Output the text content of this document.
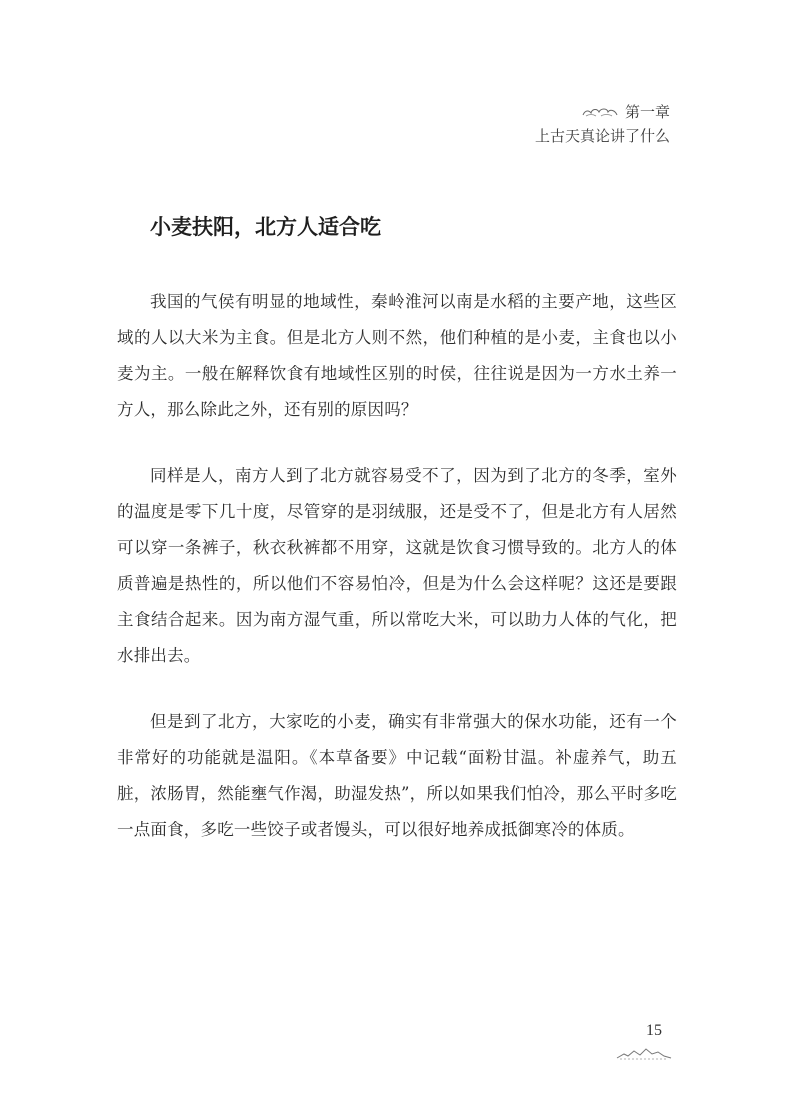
第一章
上古天真论讲了什么
小麦扶阳，北方人适合吃

我国的气侯有明显的地域性，秦岭淮河以南是水稻的主要产地，这些区域的人以大米为主食。但是北方人则不然，他们种植的是小麦，主食也以小麦为主。一般在解释饮食有地域性区别的时侯，往往说是因为一方水土养一方人，那么除此之外，还有别的原因吗？

同样是人，南方人到了北方就容易受不了，因为到了北方的冬季，室外的温度是零下几十度，尽管穿的是羽绒服，还是受不了，但是北方有人居然可以穿一条裤子，秋衣秋裤都不用穿，这就是饮食习惯导致的。北方人的体质普遍是热性的，所以他们不容易怕冷，但是为什么会这样呢？这还是要跟主食结合起来。因为南方湿气重，所以常吃大米，可以助力人体的气化，把水排出去。

但是到了北方，大家吃的小麦，确实有非常强大的保水功能，还有一个非常好的功能就是温阳。《本草备要》中记载“面粉甘温。补虚养气，助五脏，浓肠胃，然能壅气作渴，助湿发热”，所以如果我们怕冷，那么平时多吃一点面食，多吃一些饺子或者馒头，可以很好地养成抵御寒冷的体质。

15
